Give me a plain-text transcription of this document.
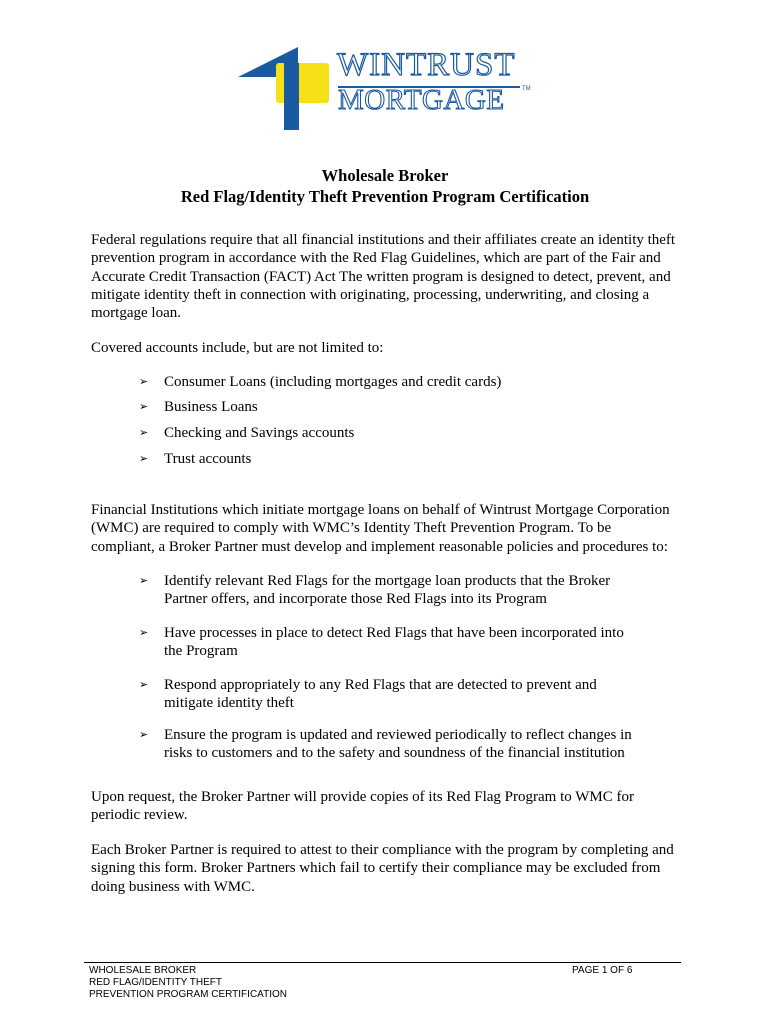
WINTRUST
MORTGAGE	TM
Wholesale Broker
Red Flag/Identity Theft Prevention Program Certification
Federal regulations require that all financial institutions and their affiliates create an identity theft
prevention program in accordance with the Red Flag Guidelines, which are part of the Fair and
Accurate Credit Transaction (FACT) Act The written program is designed to detect, prevent, and
mitigate identity theft in connection with originating, processing, underwriting, and closing a
mortgage loan.
Covered accounts include, but are not limited to:
➢ Consumer Loans (including mortgages and credit cards)
➢ Business Loans
➢ Checking and Savings accounts
➢ Trust accounts
Financial Institutions which initiate mortgage loans on behalf of Wintrust Mortgage Corporation
(WMC) are required to comply with WMC’s Identity Theft Prevention Program. To be
compliant, a Broker Partner must develop and implement reasonable policies and procedures to:
➢ Identify relevant Red Flags for the mortgage loan products that the Broker
Partner offers, and incorporate those Red Flags into its Program
➢ Have processes in place to detect Red Flags that have been incorporated into
the Program
➢ Respond appropriately to any Red Flags that are detected to prevent and
mitigate identity theft
➢ Ensure the program is updated and reviewed periodically to reflect changes in
risks to customers and to the safety and soundness of the financial institution
Upon request, the Broker Partner will provide copies of its Red Flag Program to WMC for
periodic review.
Each Broker Partner is required to attest to their compliance with the program by completing and
signing this form. Broker Partners which fail to certify their compliance may be excluded from
doing business with WMC.
WHOLESALE BROKER
RED FLAG/IDENTITY THEFT
PREVENTION PROGRAM CERTIFICATION
PAGE 1 OF 6
